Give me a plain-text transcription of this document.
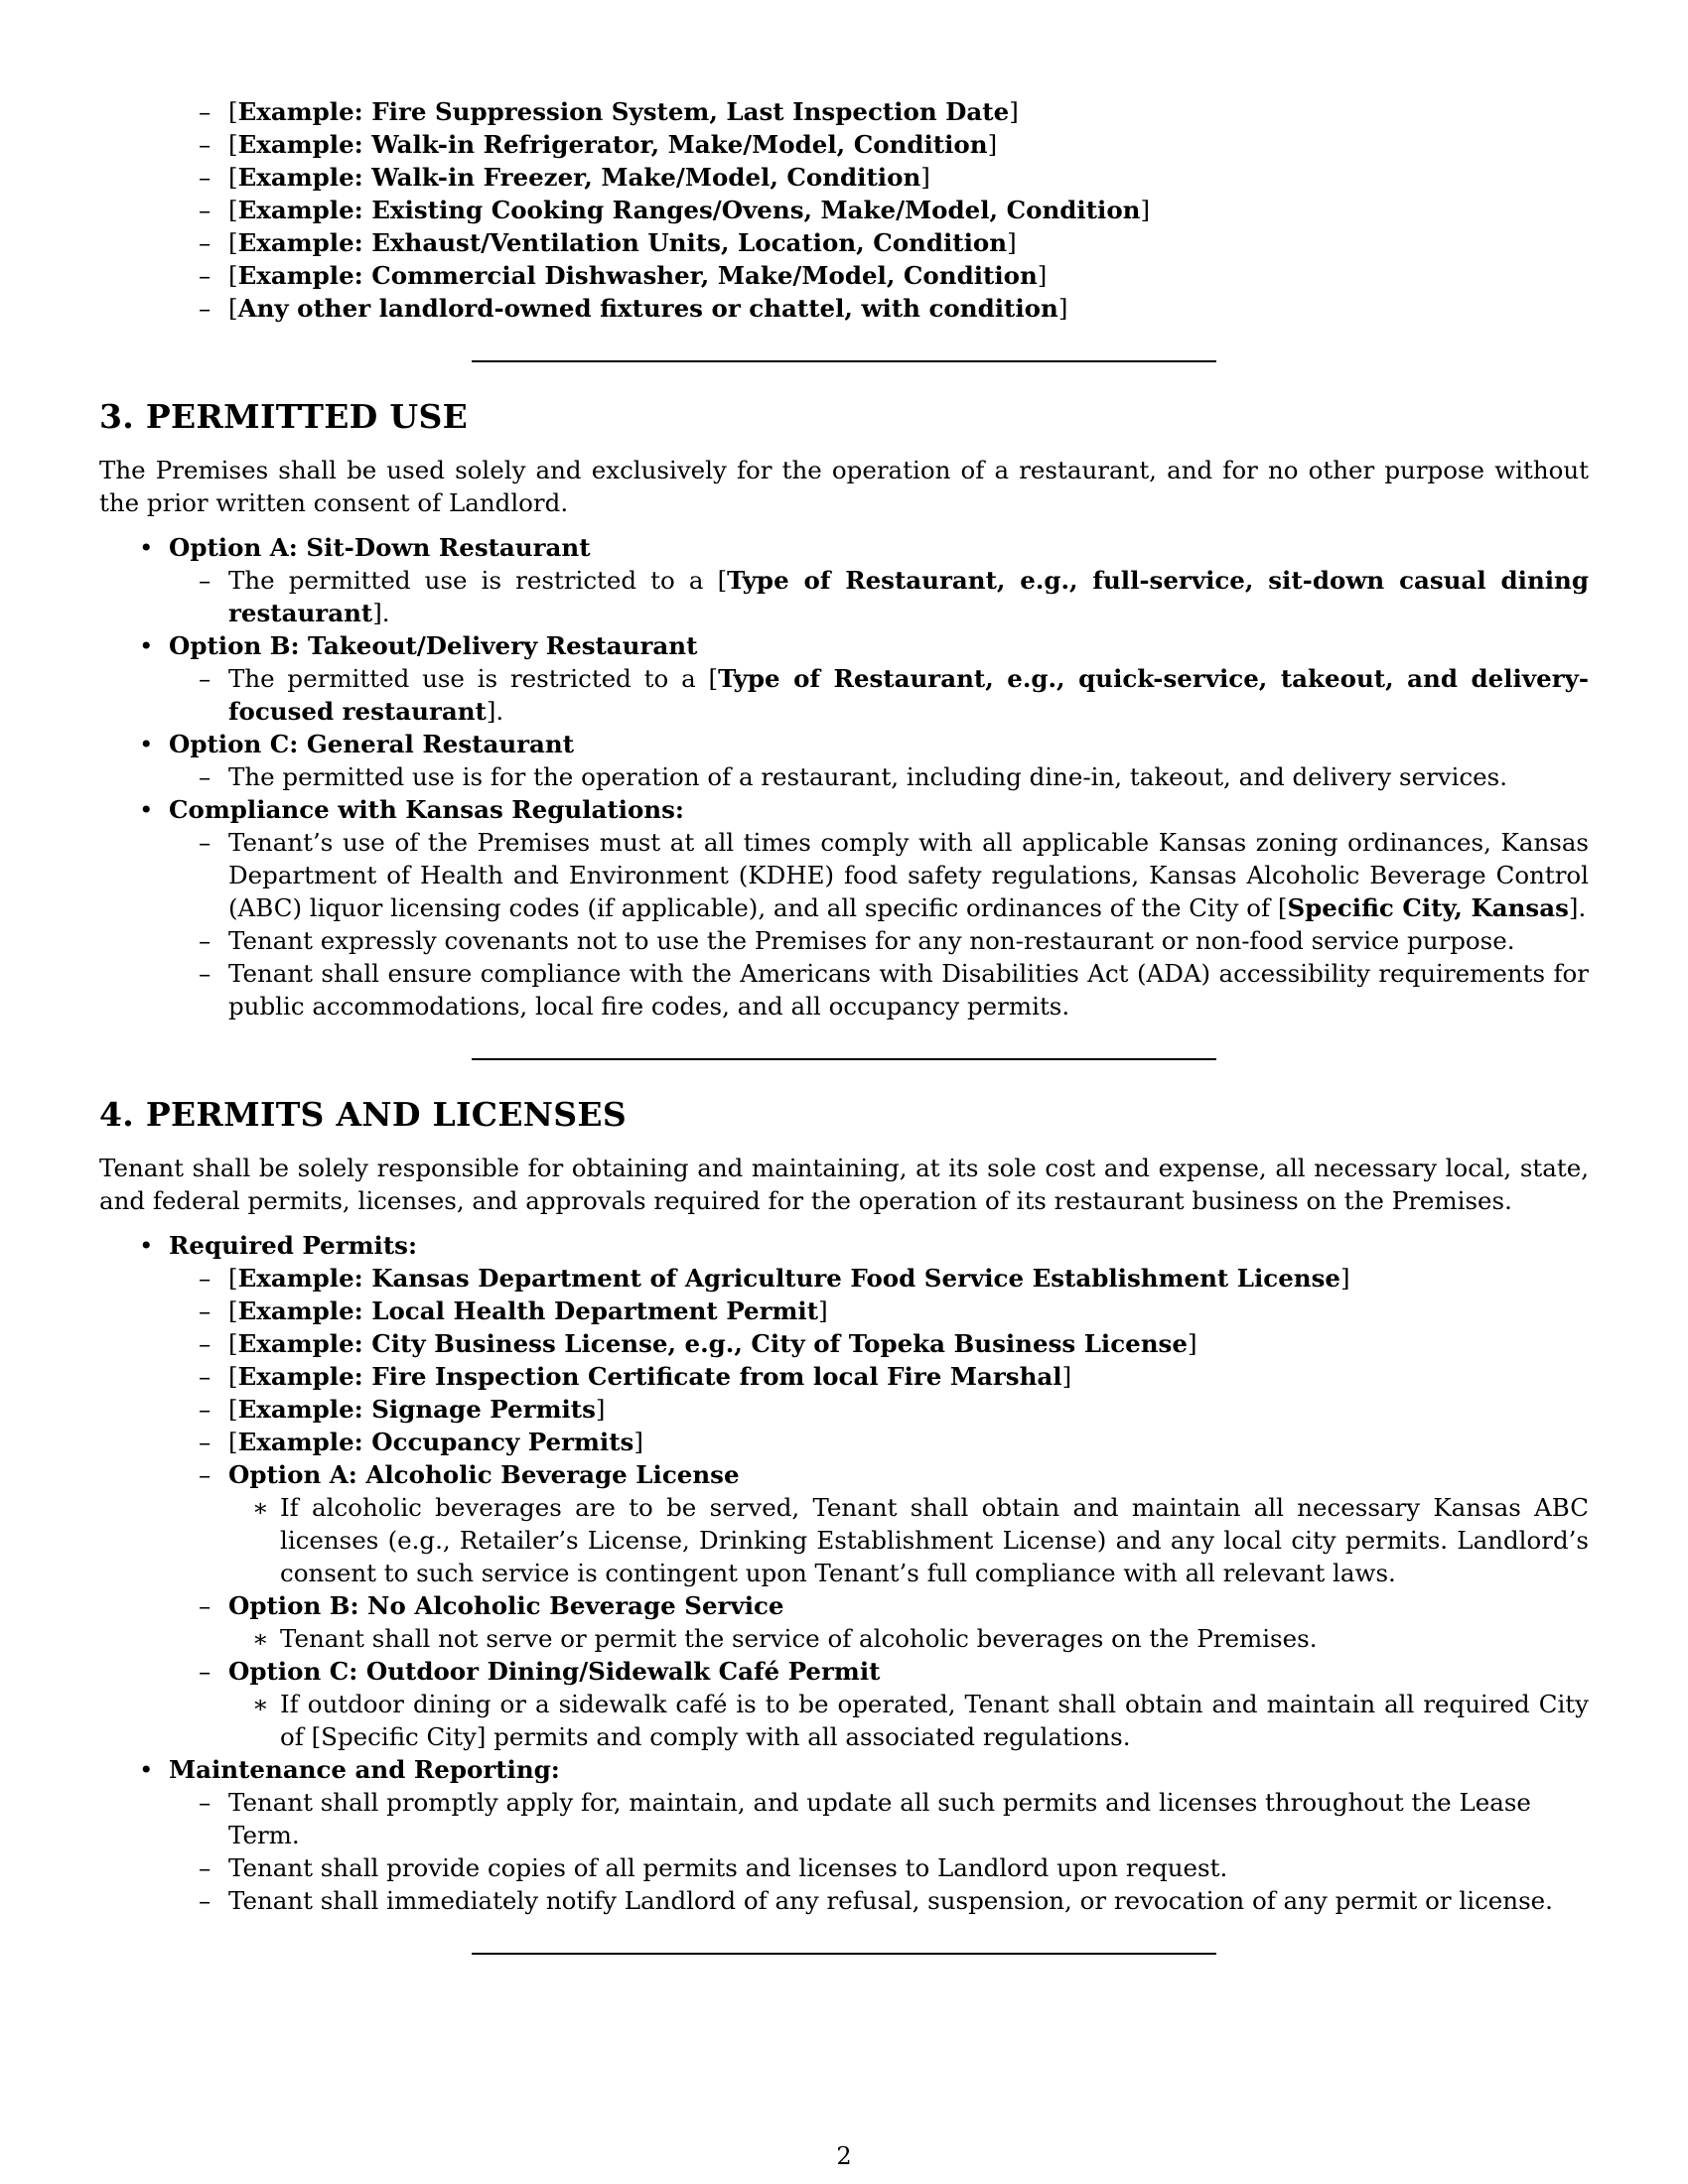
– [Example: Fire Suppression System, Last Inspection Date]
– [Example: Walk-in Refrigerator, Make/Model, Condition]
– [Example: Walk-in Freezer, Make/Model, Condition]
– [Example: Existing Cooking Ranges/Ovens, Make/Model, Condition]
– [Example: Exhaust/Ventilation Units, Location, Condition]
– [Example: Commercial Dishwasher, Make/Model, Condition]
– [Any other landlord-owned fixtures or chattel, with condition]
3. PERMITTED USE

The Premises shall be used solely and exclusively for the operation of a restaurant, and for no other purpose without the prior written consent of Landlord.

• Option A: Sit-Down Restaurant
– The permitted use is restricted to a [Type of Restaurant, e.g., full-service, sit-down casual dining restaurant].
• Option B: Takeout/Delivery Restaurant
– The permitted use is restricted to a [Type of Restaurant, e.g., quick-service, takeout, and delivery-focused restaurant].
• Option C: General Restaurant
– The permitted use is for the operation of a restaurant, including dine-in, takeout, and delivery services.
• Compliance with Kansas Regulations:
– Tenant’s use of the Premises must at all times comply with all applicable Kansas zoning ordinances, Kansas Department of Health and Environment (KDHE) food safety regulations, Kansas Alcoholic Beverage Control (ABC) liquor licensing codes (if applicable), and all specific ordinances of the City of [Specific City, Kansas].
– Tenant expressly covenants not to use the Premises for any non-restaurant or non-food service purpose.
– Tenant shall ensure compliance with the Americans with Disabilities Act (ADA) accessibility requirements for public accommodations, local fire codes, and all occupancy permits.
4. PERMITS AND LICENSES

Tenant shall be solely responsible for obtaining and maintaining, at its sole cost and expense, all necessary local, state, and federal permits, licenses, and approvals required for the operation of its restaurant business on the Premises.

• Required Permits:
– [Example: Kansas Department of Agriculture Food Service Establishment License]
– [Example: Local Health Department Permit]
– [Example: City Business License, e.g., City of Topeka Business License]
– [Example: Fire Inspection Certificate from local Fire Marshal]
– [Example: Signage Permits]
– [Example: Occupancy Permits]
– Option A: Alcoholic Beverage License
∗ If alcoholic beverages are to be served, Tenant shall obtain and maintain all necessary Kansas ABC licenses (e.g., Retailer’s License, Drinking Establishment License) and any local city permits. Landlord’s consent to such service is contingent upon Tenant’s full compliance with all relevant laws.
– Option B: No Alcoholic Beverage Service
∗ Tenant shall not serve or permit the service of alcoholic beverages on the Premises.
– Option C: Outdoor Dining/Sidewalk Café Permit
∗ If outdoor dining or a sidewalk café is to be operated, Tenant shall obtain and maintain all required City of [Specific City] permits and comply with all associated regulations.
• Maintenance and Reporting:
– Tenant shall promptly apply for, maintain, and update all such permits and licenses throughout the Lease Term.
– Tenant shall provide copies of all permits and licenses to Landlord upon request.
– Tenant shall immediately notify Landlord of any refusal, suspension, or revocation of any permit or license.
2
